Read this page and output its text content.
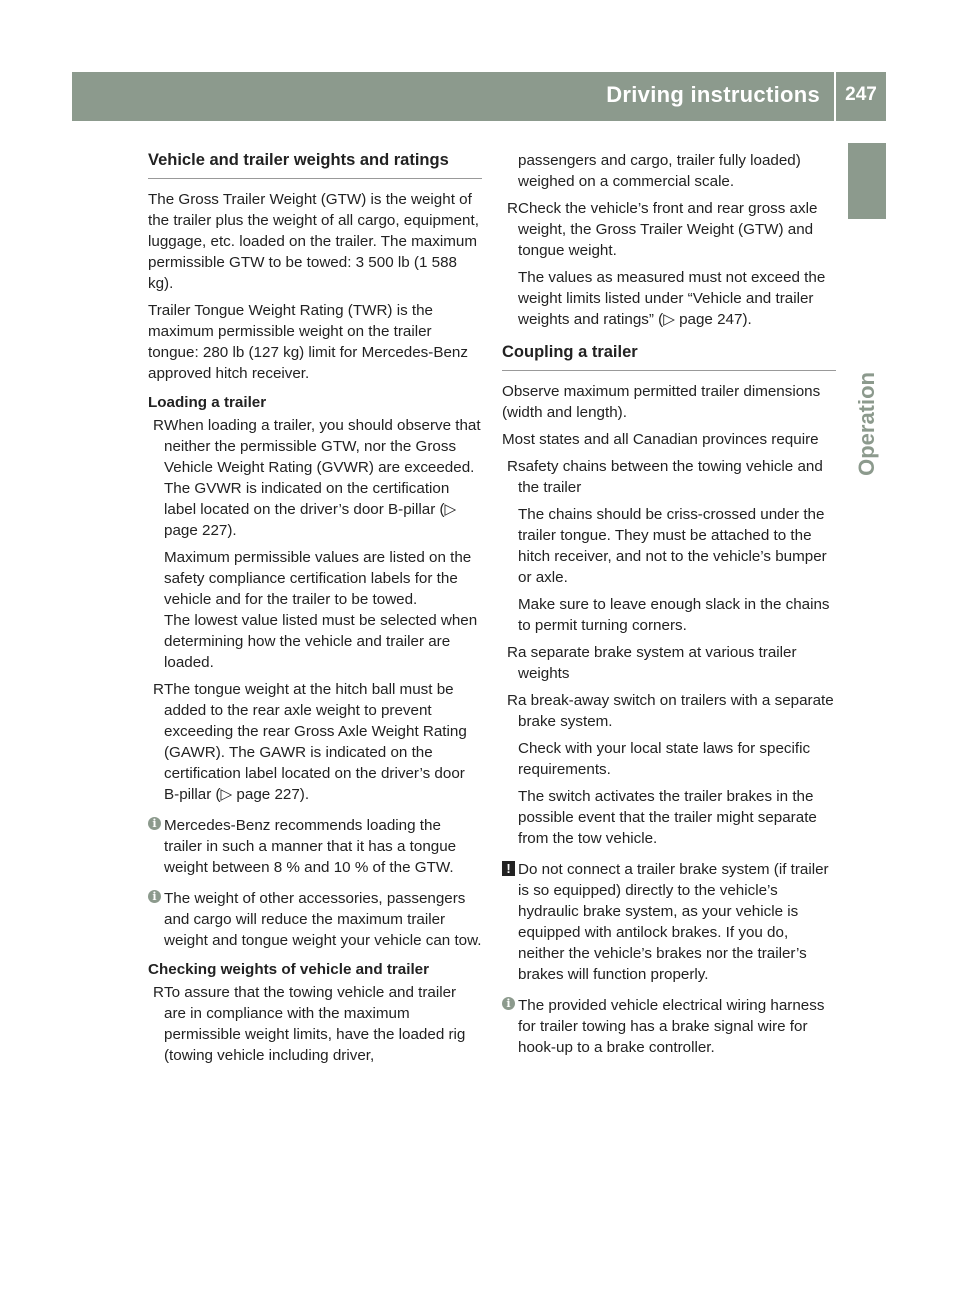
Driving instructions	247
Operation
Vehicle and trailer weights and ratings

The Gross Trailer Weight (GTW) is the weight of the trailer plus the weight of all cargo, equipment, luggage, etc. loaded on the trailer. The maximum permissible GTW to be towed: 3 500 lb (1 588 kg).

Trailer Tongue Weight Rating (TWR) is the maximum permissible weight on the trailer tongue: 280 lb (127 kg) limit for Mercedes-Benz approved hitch receiver.

Loading a trailer
R When loading a trailer, you should observe that neither the permissible GTW, nor the Gross Vehicle Weight Rating (GVWR) are exceeded. The GVWR is indicated on the certification label located on the driver’s door B-pillar (▷ page 227).
Maximum permissible values are listed on the safety compliance certification labels for the vehicle and for the trailer to be towed.
The lowest value listed must be selected when determining how the vehicle and trailer are loaded.
R The tongue weight at the hitch ball must be added to the rear axle weight to prevent exceeding the rear Gross Axle Weight Rating (GAWR). The GAWR is indicated on the certification label located on the driver’s door B-pillar (▷ page 227).
i Mercedes-Benz recommends loading the trailer in such a manner that it has a tongue weight between 8 % and 10 % of the GTW.
i The weight of other accessories, passengers and cargo will reduce the maximum trailer weight and tongue weight your vehicle can tow.
Checking weights of vehicle and trailer
R To assure that the towing vehicle and trailer are in compliance with the maximum permissible weight limits, have the loaded rig (towing vehicle including driver,
passengers and cargo, trailer fully loaded) weighed on a commercial scale.
R Check the vehicle’s front and rear gross axle weight, the Gross Trailer Weight (GTW) and tongue weight.
The values as measured must not exceed the weight limits listed under “Vehicle and trailer weights and ratings” (▷ page 247).
Coupling a trailer

Observe maximum permitted trailer dimensions (width and length).

Most states and all Canadian provinces require

R safety chains between the towing vehicle and the trailer
The chains should be criss-crossed under the trailer tongue. They must be attached to the hitch receiver, and not to the vehicle’s bumper or axle.
Make sure to leave enough slack in the chains to permit turning corners.
R a separate brake system at various trailer weights
R a break-away switch on trailers with a separate brake system.
Check with your local state laws for specific requirements.
The switch activates the trailer brakes in the possible event that the trailer might separate from the tow vehicle.
! Do not connect a trailer brake system (if trailer is so equipped) directly to the vehicle’s hydraulic brake system, as your vehicle is equipped with antilock brakes. If you do, neither the vehicle’s brakes nor the trailer’s brakes will function properly.
i The provided vehicle electrical wiring harness for trailer towing has a brake signal wire for hook-up to a brake controller.
